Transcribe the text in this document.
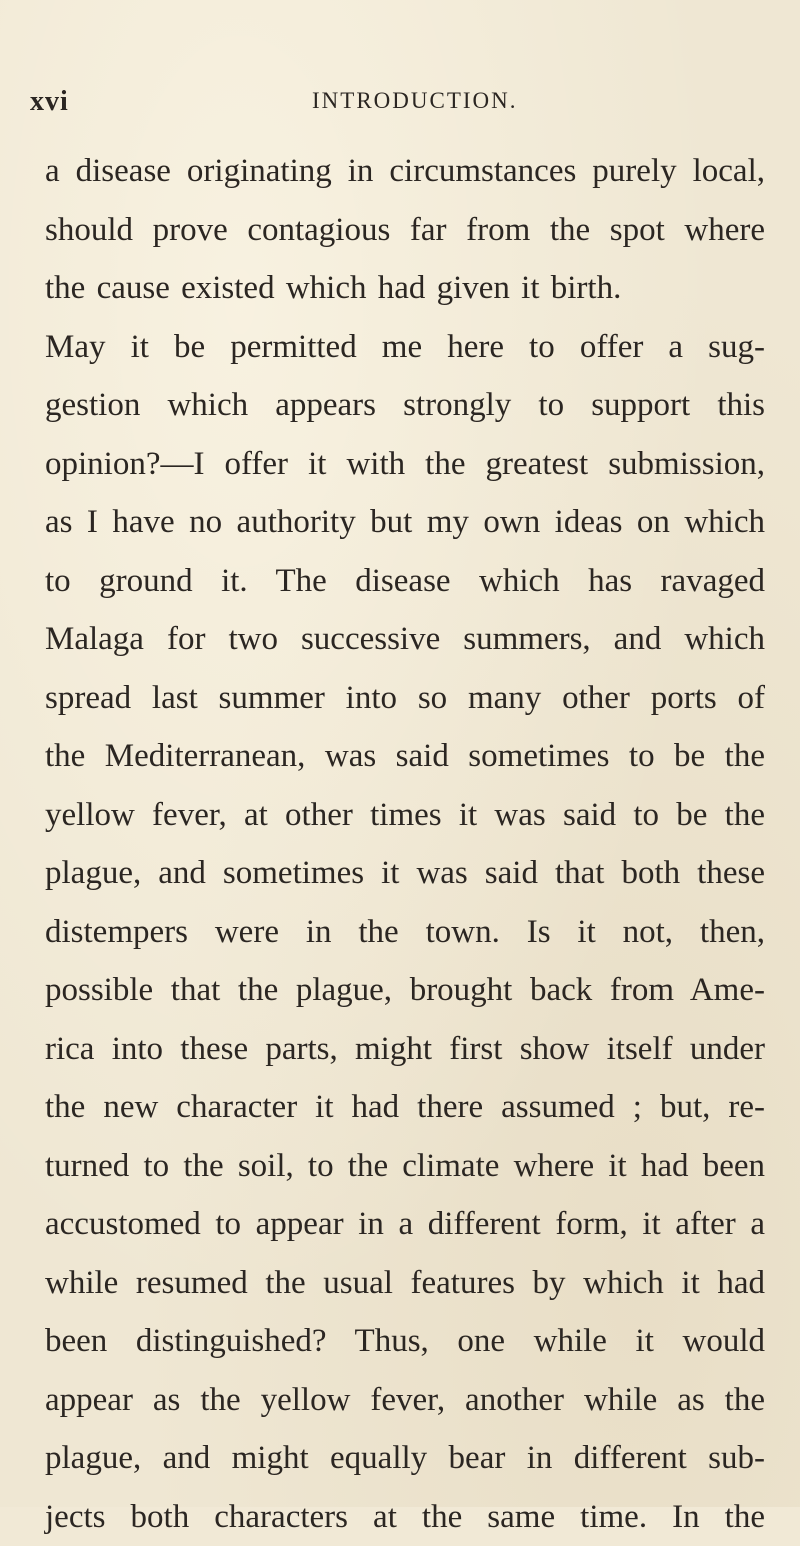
xvi	INTRODUCTION.
a disease originating in circumstances purely local,
should prove contagious far from the spot where
the cause existed which had given it birth.
May it be permitted me here to offer a sug-
gestion which appears strongly to support this
opinion?—I offer it with the greatest submission,
as I have no authority but my own ideas on which
to ground it. The disease which has ravaged
Malaga for two successive summers, and which
spread last summer into so many other ports of
the Mediterranean, was said sometimes to be the
yellow fever, at other times it was said to be the
plague, and sometimes it was said that both these
distempers were in the town. Is it not, then,
possible that the plague, brought back from Ame-
rica into these parts, might first show itself under
the new character it had there assumed ; but, re-
turned to the soil, to the climate where it had been
accustomed to appear in a different form, it after a
while resumed the usual features by which it had
been distinguished? Thus, one while it would
appear as the yellow fever, another while as the
plague, and might equally bear in different sub-
jects both characters at the same time. In the
